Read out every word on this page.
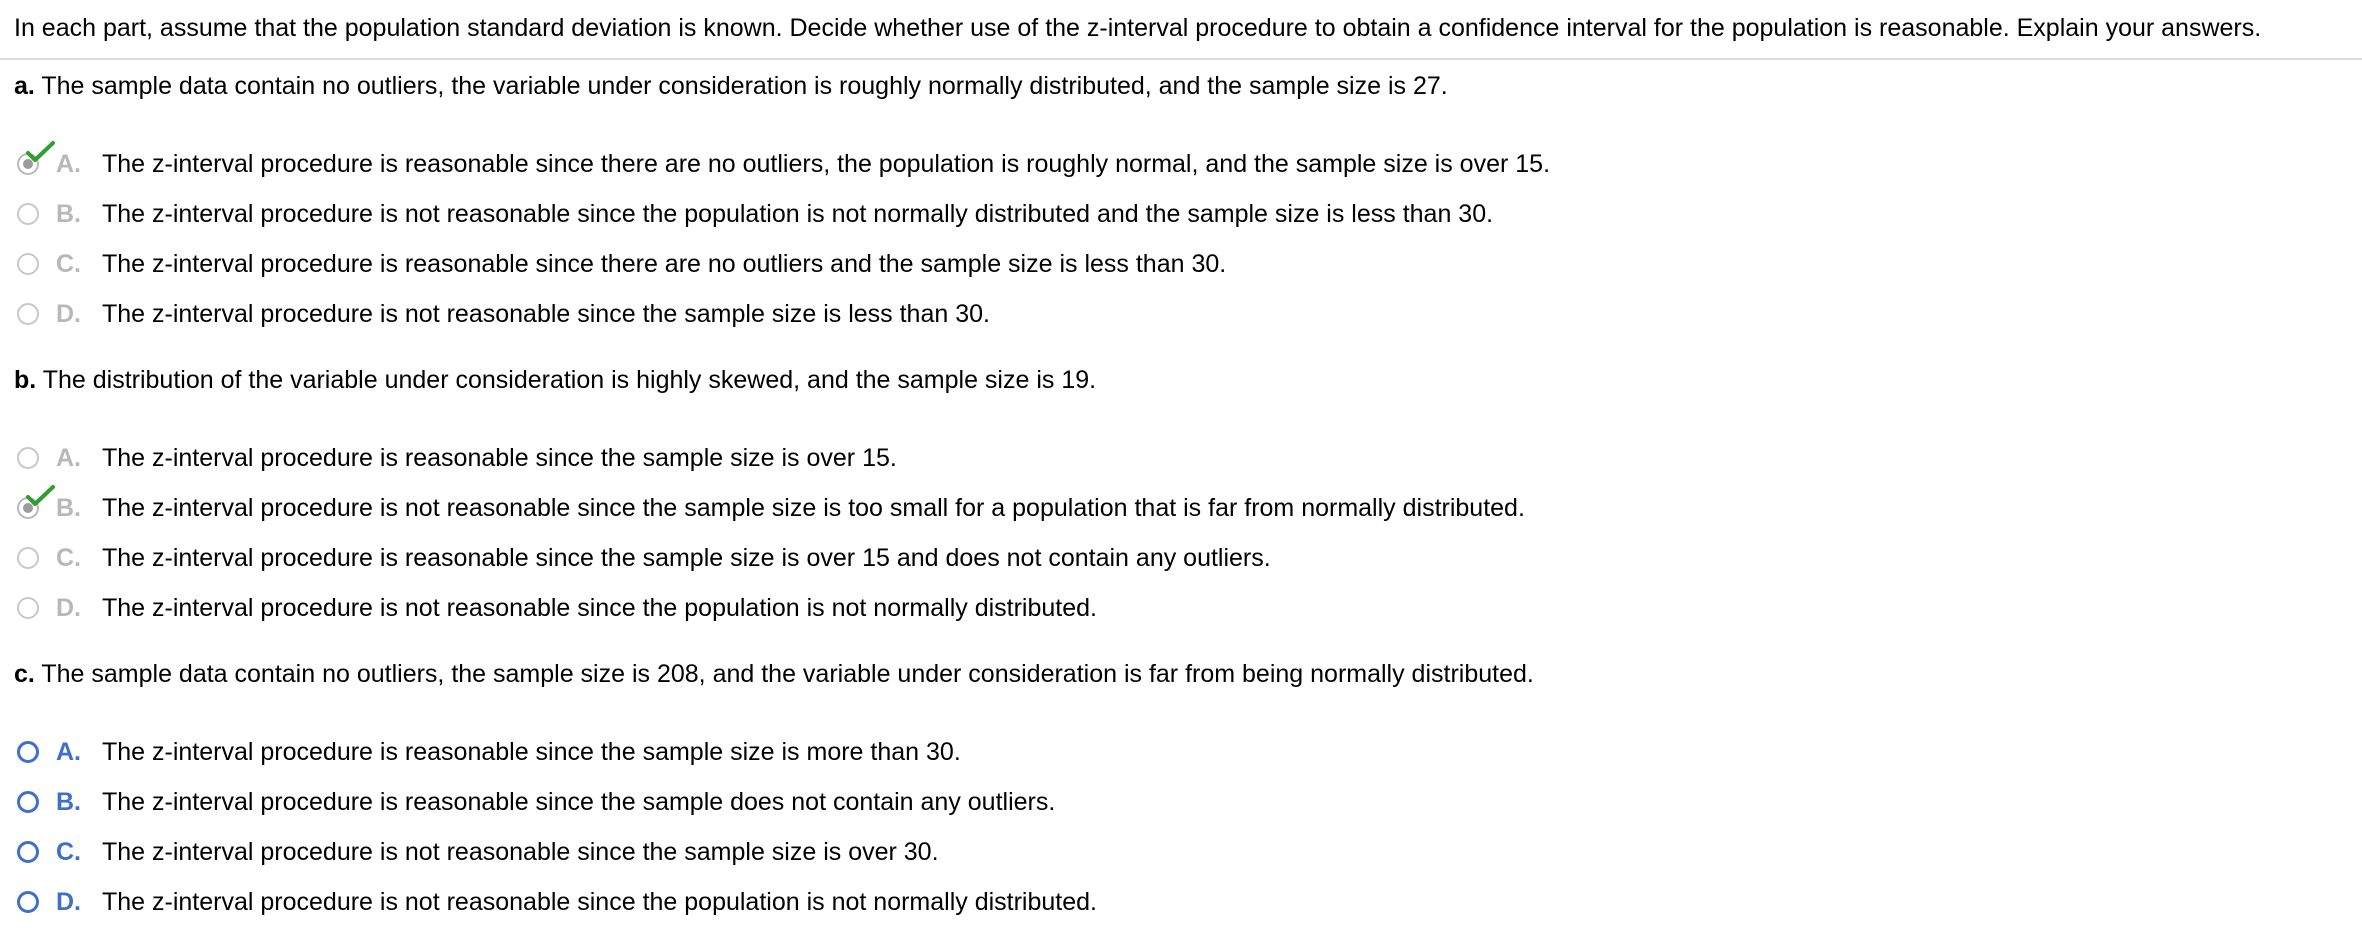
In each part, assume that the population standard deviation is known. Decide whether use of the z-interval procedure to obtain a confidence interval for the population is reasonable. Explain your answers.
a. The sample data contain no outliers, the variable under consideration is roughly normally distributed, and the sample size is 27.
A. The z-interval procedure is reasonable since there are no outliers, the population is roughly normal, and the sample size is over 15.
B. The z-interval procedure is not reasonable since the population is not normally distributed and the sample size is less than 30.
C. The z-interval procedure is reasonable since there are no outliers and the sample size is less than 30.
D. The z-interval procedure is not reasonable since the sample size is less than 30.
b. The distribution of the variable under consideration is highly skewed, and the sample size is 19.
A. The z-interval procedure is reasonable since the sample size is over 15.
B. The z-interval procedure is not reasonable since the sample size is too small for a population that is far from normally distributed.
C. The z-interval procedure is reasonable since the sample size is over 15 and does not contain any outliers.
D. The z-interval procedure is not reasonable since the population is not normally distributed.
c. The sample data contain no outliers, the sample size is 208, and the variable under consideration is far from being normally distributed.
A. The z-interval procedure is reasonable since the sample size is more than 30.
B. The z-interval procedure is reasonable since the sample does not contain any outliers.
C. The z-interval procedure is not reasonable since the sample size is over 30.
D. The z-interval procedure is not reasonable since the population is not normally distributed.
